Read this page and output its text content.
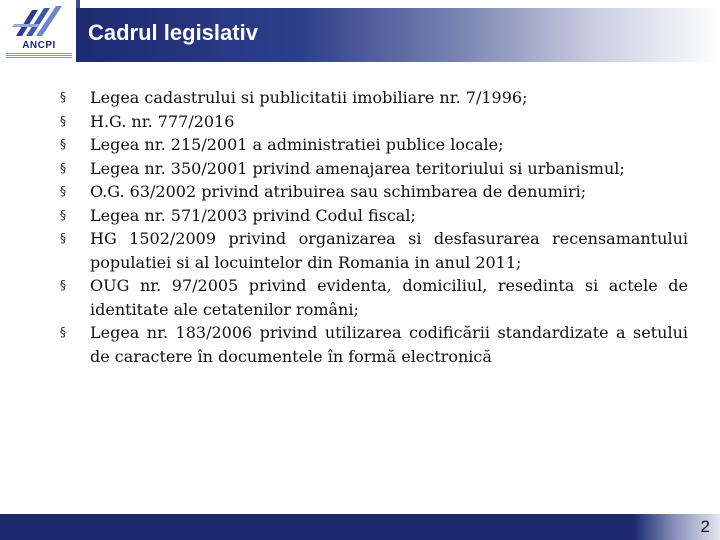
ANCPI
Cadrul legislativ
§ Legea cadastrului si publicitatii imobiliare nr. 7/1996;
§ H.G. nr. 777/2016
§ Legea nr. 215/2001 a administratiei publice locale;
§ Legea nr. 350/2001 privind amenajarea teritoriului si urbanismul;
§ O.G. 63/2002 privind atribuirea sau schimbarea de denumiri;
§ Legea nr. 571/2003 privind Codul fiscal;
§ HG 1502/2009 privind organizarea si desfasurarea recensamantului populatiei si al locuintelor din Romania in anul 2011;
§ OUG nr. 97/2005 privind evidenta, domiciliul, resedinta si actele de identitate ale cetatenilor români;
§ Legea nr. 183/2006 privind utilizarea codificării standardizate a setului de caractere în documentele în formă electronică
2
